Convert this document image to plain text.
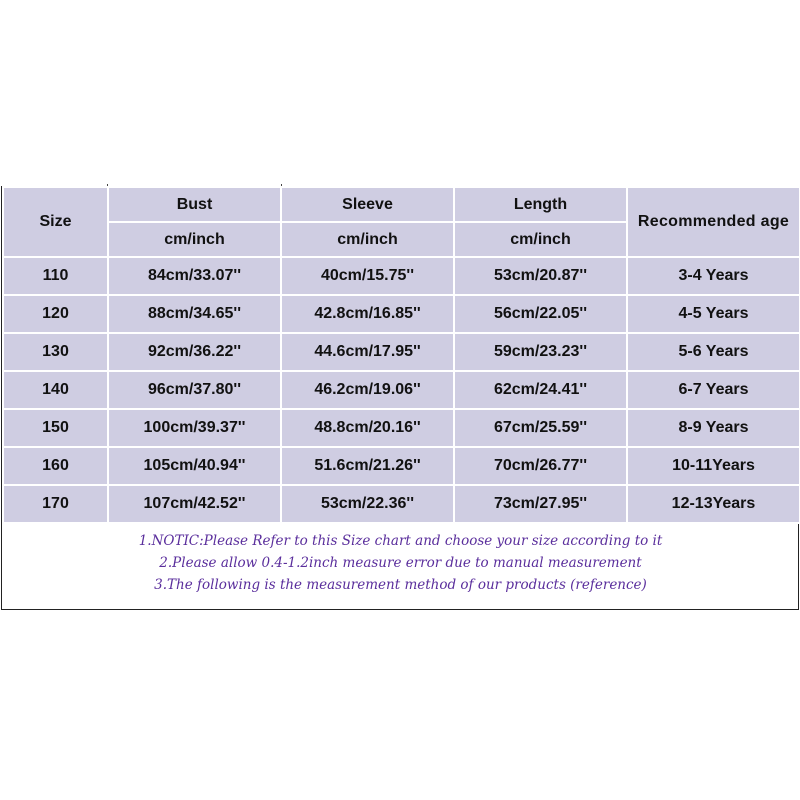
Size	Bust	Sleeve	Length	Recommended age
	cm/inch	cm/inch	cm/inch	
110	84cm/33.07''	40cm/15.75''	53cm/20.87''	3-4 Years
120	88cm/34.65''	42.8cm/16.85''	56cm/22.05''	4-5 Years
130	92cm/36.22''	44.6cm/17.95''	59cm/23.23''	5-6 Years
140	96cm/37.80''	46.2cm/19.06''	62cm/24.41''	6-7 Years
150	100cm/39.37''	48.8cm/20.16''	67cm/25.59''	8-9 Years
160	105cm/40.94''	51.6cm/21.26''	70cm/26.77''	10-11Years
170	107cm/42.52''	53cm/22.36''	73cm/27.95''	12-13Years
1.NOTIC:Please Refer to this Size chart and choose your size according to it
2.Please allow 0.4-1.2inch measure error due to manual measurement
3.The following is the measurement method of our products (reference)
